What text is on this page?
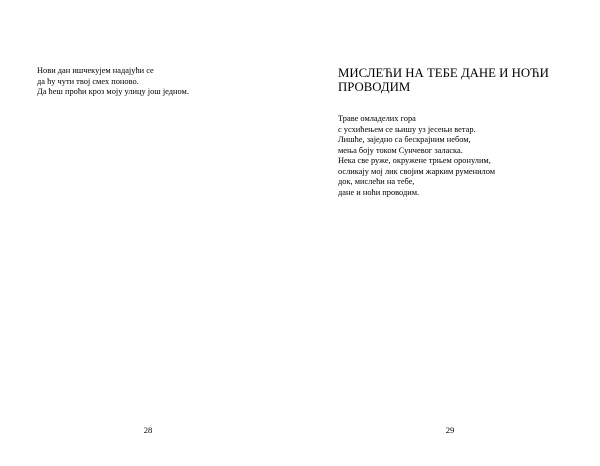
Нови дан ишчекујем надајући се
да ћу чути твој смех поново.
Да ћеш проћи кроз моју улицу још једном.
28
МИСЛЕЋИ НА ТЕБЕ ДАНЕ И НОЋИ ПРОВОДИМ
Траве омладелих гора
с усхићењем се њишу уз јесењи ветар.
Лишће, заједно са бескрајним небом,
мења боју током Сунчевог заласка.
Нека све руже, окружене трњем оронулим,
осликају мој лик својим жарким руменилом
док, мислећи на тебе,
дане и ноћи проводим.
29
